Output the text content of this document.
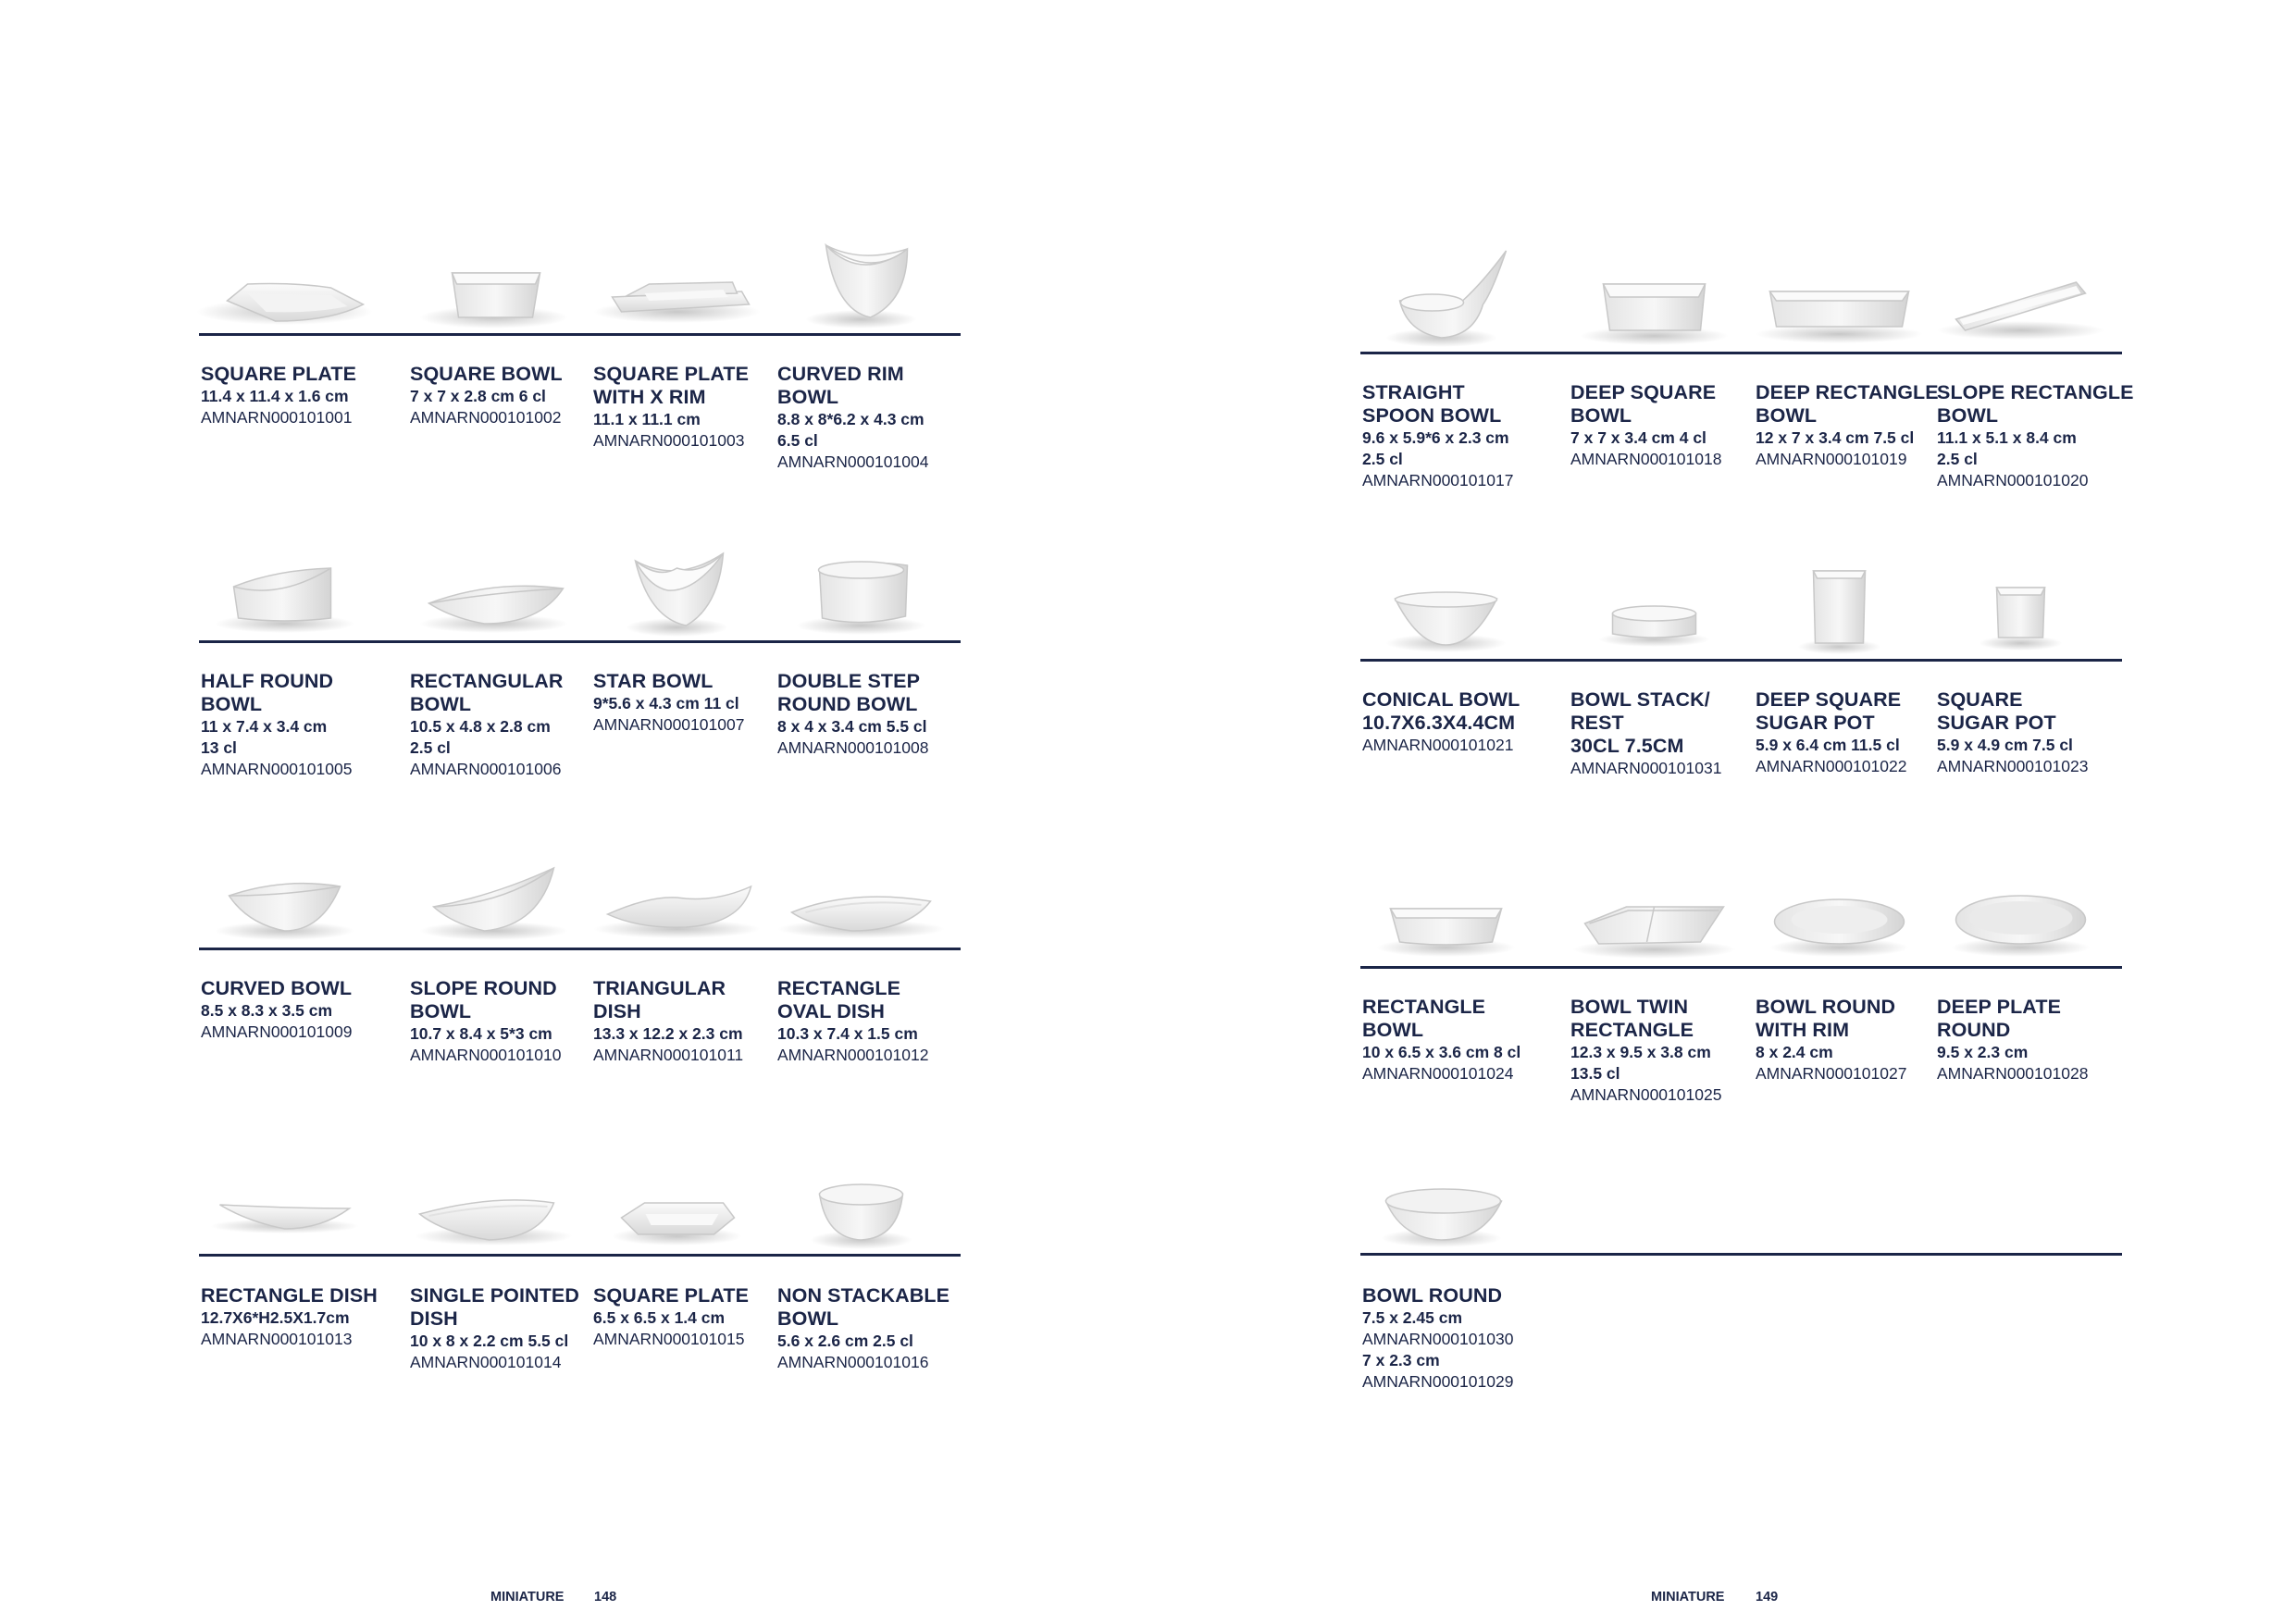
SQUARE PLATE
11.4 x 11.4 x 1.6 cm
AMNARN000101001
SQUARE BOWL
7 x 7 x 2.8 cm 6 cl
AMNARN000101002
SQUARE PLATE
WITH X RIM
11.1 x 11.1 cm
AMNARN000101003
CURVED RIM
BOWL
8.8 x 8*6.2 x 4.3 cm
6.5 cl
AMNARN000101004
HALF ROUND
BOWL
11 x 7.4 x 3.4 cm
13 cl
AMNARN000101005
RECTANGULAR
BOWL
10.5 x 4.8 x 2.8 cm
2.5 cl
AMNARN000101006
STAR BOWL
9*5.6 x 4.3 cm 11 cl
AMNARN000101007
DOUBLE STEP
ROUND BOWL
8 x 4 x 3.4 cm 5.5 cl
AMNARN000101008
CURVED BOWL
8.5 x 8.3 x 3.5 cm
AMNARN000101009
SLOPE ROUND
BOWL
10.7 x 8.4 x 5*3 cm
AMNARN000101010
TRIANGULAR
DISH
13.3 x 12.2 x 2.3 cm
AMNARN000101011
RECTANGLE
OVAL DISH
10.3 x 7.4 x 1.5 cm
AMNARN000101012
RECTANGLE DISH
12.7X6*H2.5X1.7cm
AMNARN000101013
SINGLE POINTED
DISH
10 x 8 x 2.2 cm 5.5 cl
AMNARN000101014
SQUARE PLATE
6.5 x 6.5 x 1.4 cm
AMNARN000101015
NON STACKABLE
BOWL
5.6 x 2.6 cm 2.5 cl
AMNARN000101016
MINIATURE 148
STRAIGHT
SPOON BOWL
9.6 x 5.9*6 x 2.3 cm
2.5 cl
AMNARN000101017
DEEP SQUARE
BOWL
7 x 7 x 3.4 cm 4 cl
AMNARN000101018
DEEP RECTANGLE
BOWL
12 x 7 x 3.4 cm 7.5 cl
AMNARN000101019
SLOPE RECTANGLE
BOWL
11.1 x 5.1 x 8.4 cm
2.5 cl
AMNARN000101020
CONICAL BOWL
10.7X6.3X4.4CM
AMNARN000101021
BOWL STACK/
REST
30CL 7.5CM
AMNARN000101031
DEEP SQUARE
SUGAR POT
5.9 x 6.4 cm 11.5 cl
AMNARN000101022
SQUARE
SUGAR POT
5.9 x 4.9 cm 7.5 cl
AMNARN000101023
RECTANGLE
BOWL
10 x 6.5 x 3.6 cm 8 cl
AMNARN000101024
BOWL TWIN
RECTANGLE
12.3 x 9.5 x 3.8 cm
13.5 cl
AMNARN000101025
BOWL ROUND
WITH RIM
8 x 2.4 cm
AMNARN000101027
DEEP PLATE
ROUND
9.5 x 2.3 cm
AMNARN000101028
BOWL ROUND
7.5 x 2.45 cm
AMNARN000101030
7 x 2.3 cm
AMNARN000101029
MINIATURE 149
